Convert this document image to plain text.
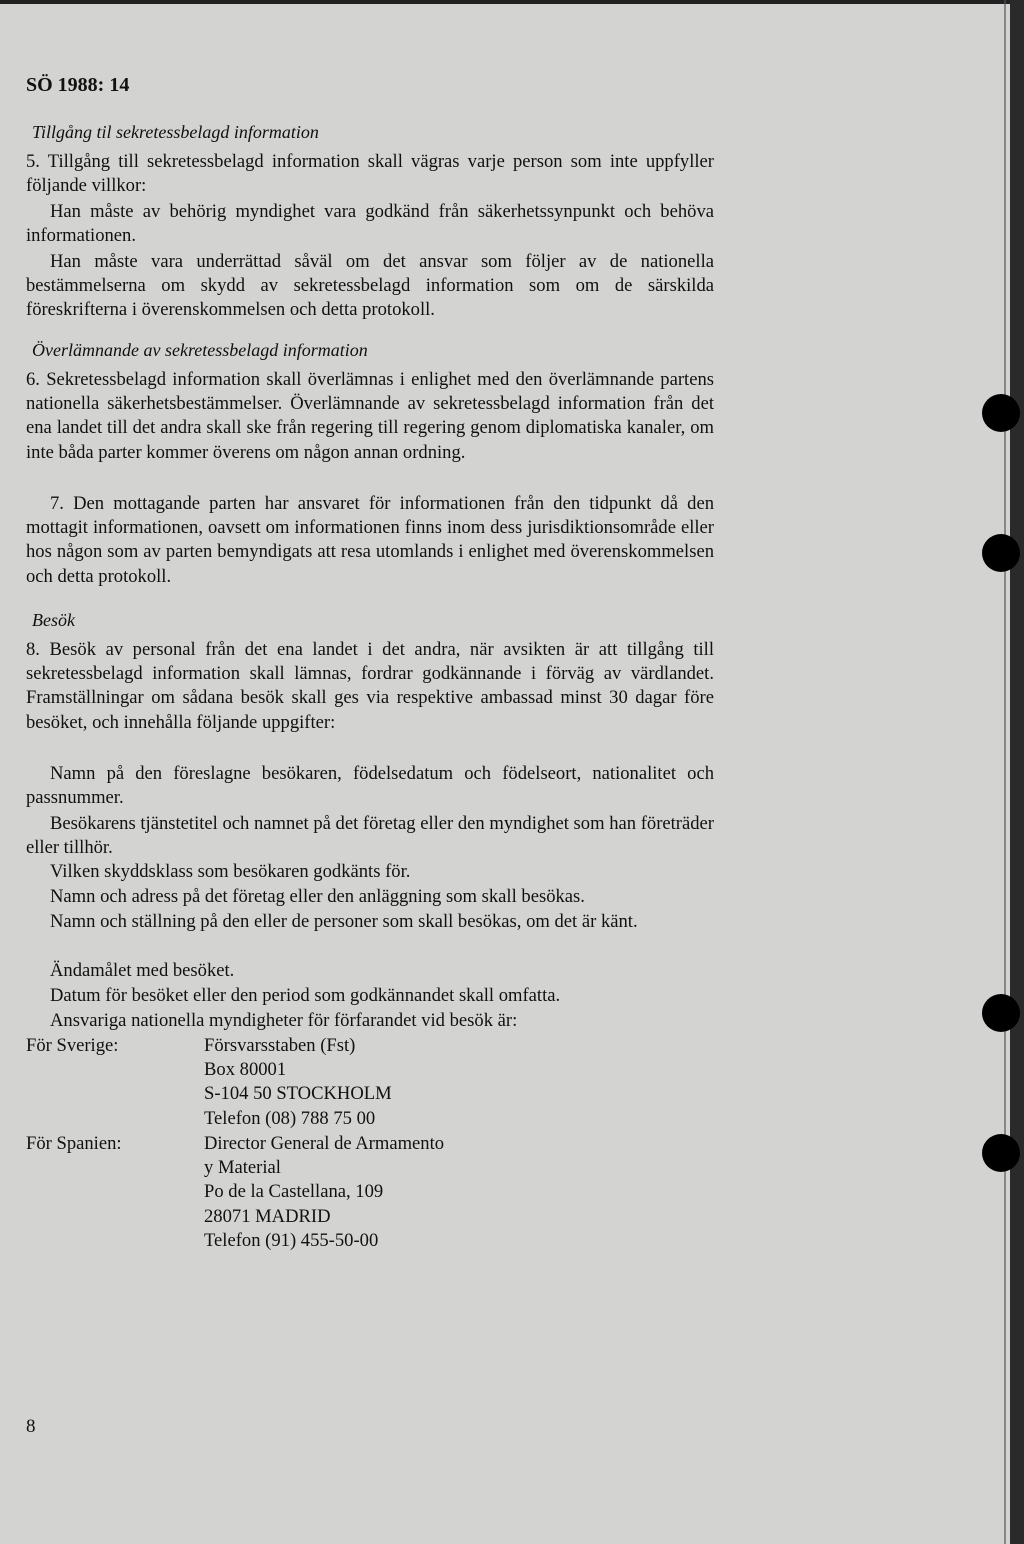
SÖ 1988: 14
Tillgång til sekretessbelagd information

5. Tillgång till sekretessbelagd information skall vägras varje person som inte uppfyller följande villkor:

Han måste av behörig myndighet vara godkänd från säkerhetssynpunkt och behöva informationen.

Han måste vara underrättad såväl om det ansvar som följer av de nationella bestämmelserna om skydd av sekretessbelagd information som om de särskilda föreskrifterna i överenskommelsen och detta protokoll.

Överlämnande av sekretessbelagd information

6. Sekretessbelagd information skall överlämnas i enlighet med den överlämnande partens nationella säkerhetsbestämmelser. Överlämnande av sekretessbelagd information från det ena landet till det andra skall ske från regering till regering genom diplomatiska kanaler, om inte båda parter kommer överens om någon annan ordning.

7. Den mottagande parten har ansvaret för informationen från den tidpunkt då den mottagit informationen, oavsett om informationen finns inom dess jurisdiktionsområde eller hos någon som av parten bemyndigats att resa utomlands i enlighet med överenskommelsen och detta protokoll.

Besök

8. Besök av personal från det ena landet i det andra, när avsikten är att tillgång till sekretessbelagd information skall lämnas, fordrar godkännande i förväg av värdlandet. Framställningar om sådana besök skall ges via respektive ambassad minst 30 dagar före besöket, och innehålla följande uppgifter:

Namn på den föreslagne besökaren, födelsedatum och födelseort, nationalitet och passnummer.

Besökarens tjänstetitel och namnet på det företag eller den myndighet som han företräder eller tillhör.

Vilken skyddsklass som besökaren godkänts för.

Namn och adress på det företag eller den anläggning som skall besökas.

Namn och ställning på den eller de personer som skall besökas, om det är känt.

Ändamålet med besöket.

Datum för besöket eller den period som godkännandet skall omfatta.

Ansvariga nationella myndigheter för förfarandet vid besök är:

För Sverige:	Försvarsstaben (Fst)
Box 80001
S-104 50 STOCKHOLM
Telefon (08) 788 75 00
För Spanien:	Director General de Armamento
y Material
Po de la Castellana, 109
28071 MADRID
Telefon (91) 455-50-00
8
